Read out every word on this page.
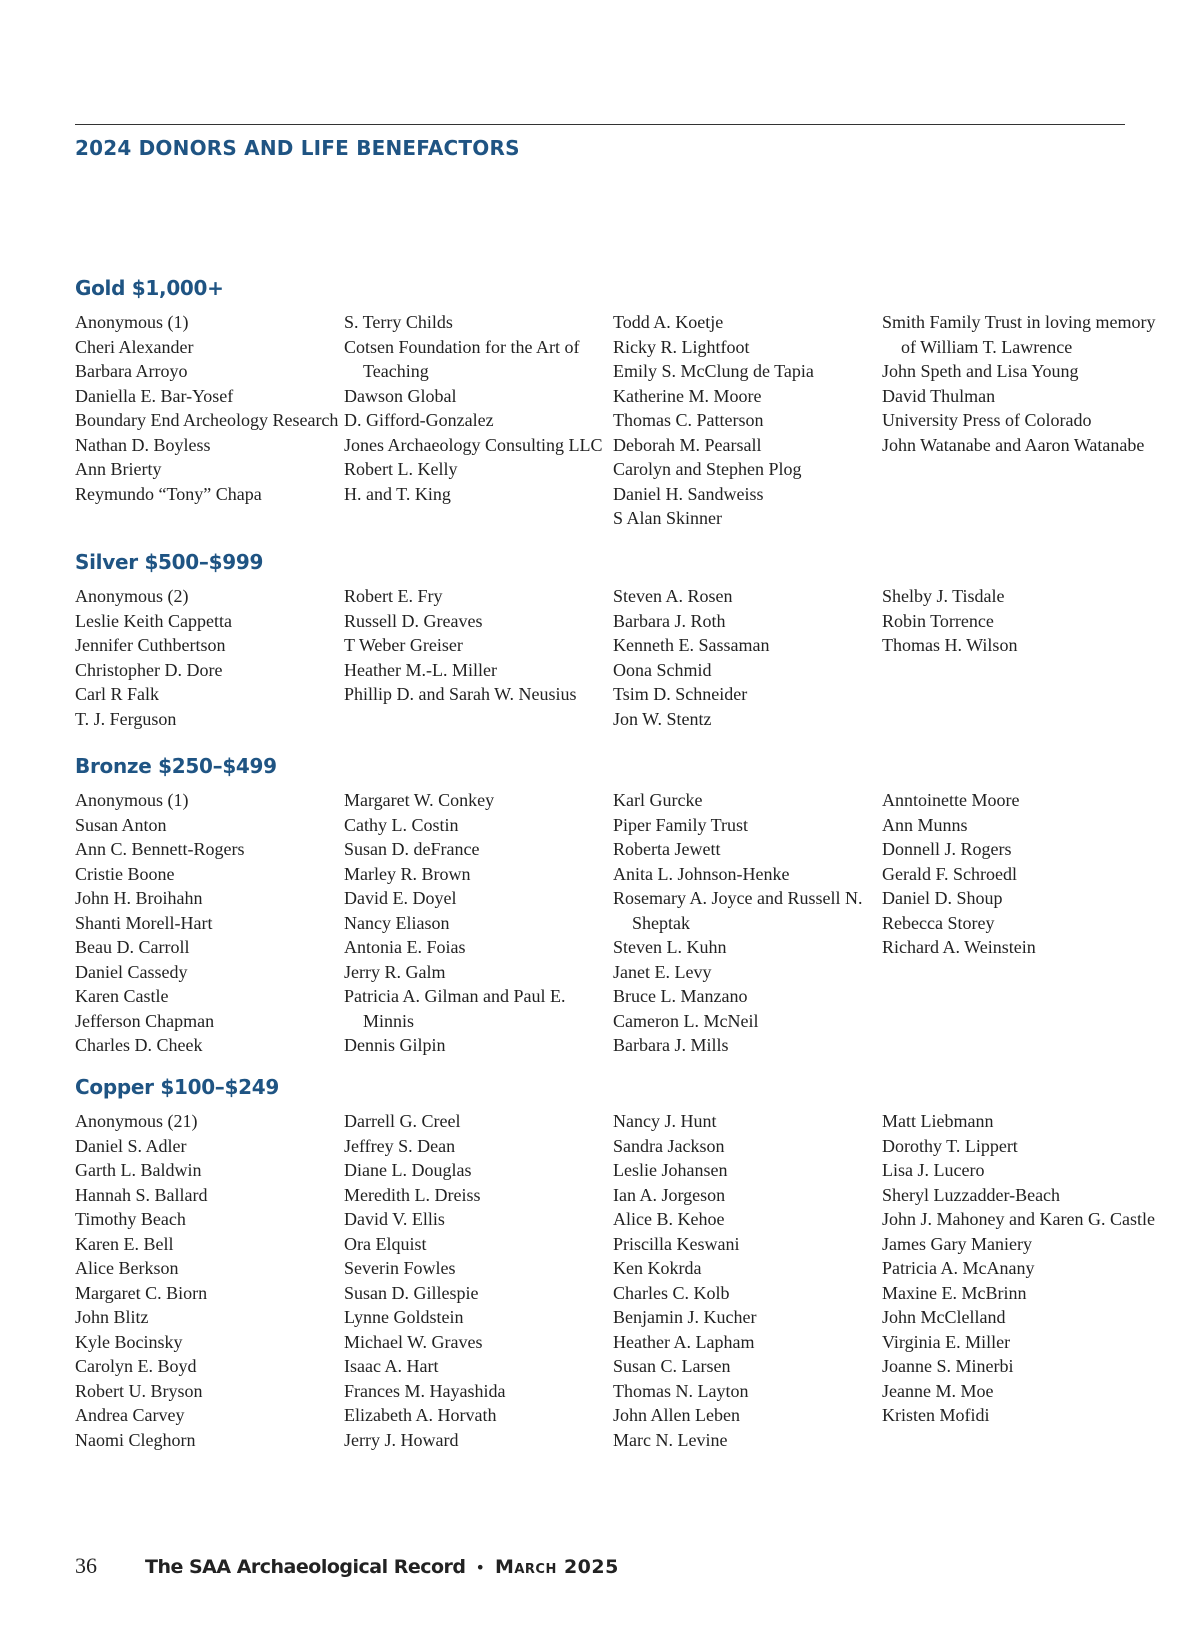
2024 DONORS AND LIFE BENEFACTORS
Gold $1,000+
Anonymous (1)
Cheri Alexander
Barbara Arroyo
Daniella E. Bar-Yosef
Boundary End Archeology Research
Nathan D. Boyless
Ann Brierty
Reymundo “Tony” Chapa
S. Terry Childs
Cotsen Foundation for the Art of Teaching
Dawson Global
D. Gifford-Gonzalez
Jones Archaeology Consulting LLC
Robert L. Kelly
H. and T. King
Todd A. Koetje
Ricky R. Lightfoot
Emily S. McClung de Tapia
Katherine M. Moore
Thomas C. Patterson
Deborah M. Pearsall
Carolyn and Stephen Plog
Daniel H. Sandweiss
S Alan Skinner
Smith Family Trust in loving memory of William T. Lawrence
John Speth and Lisa Young
David Thulman
University Press of Colorado
John Watanabe and Aaron Watanabe
Silver $500–$999
Anonymous (2)
Leslie Keith Cappetta
Jennifer Cuthbertson
Christopher D. Dore
Carl R Falk
T. J. Ferguson
Robert E. Fry
Russell D. Greaves
T Weber Greiser
Heather M.-L. Miller
Phillip D. and Sarah W. Neusius
Steven A. Rosen
Barbara J. Roth
Kenneth E. Sassaman
Oona Schmid
Tsim D. Schneider
Jon W. Stentz
Shelby J. Tisdale
Robin Torrence
Thomas H. Wilson
Bronze $250–$499
Anonymous (1)
Susan Anton
Ann C. Bennett-Rogers
Cristie Boone
John H. Broihahn
Shanti Morell-Hart
Beau D. Carroll
Daniel Cassedy
Karen Castle
Jefferson Chapman
Charles D. Cheek
Margaret W. Conkey
Cathy L. Costin
Susan D. deFrance
Marley R. Brown
David E. Doyel
Nancy Eliason
Antonia E. Foias
Jerry R. Galm
Patricia A. Gilman and Paul E. Minnis
Dennis Gilpin
Karl Gurcke
Piper Family Trust
Roberta Jewett
Anita L. Johnson-Henke
Rosemary A. Joyce and Russell N. Sheptak
Steven L. Kuhn
Janet E. Levy
Bruce L. Manzano
Cameron L. McNeil
Barbara J. Mills
Anntoinette Moore
Ann Munns
Donnell J. Rogers
Gerald F. Schroedl
Daniel D. Shoup
Rebecca Storey
Richard A. Weinstein
Copper $100–$249
Anonymous (21)
Daniel S. Adler
Garth L. Baldwin
Hannah S. Ballard
Timothy Beach
Karen E. Bell
Alice Berkson
Margaret C. Biorn
John Blitz
Kyle Bocinsky
Carolyn E. Boyd
Robert U. Bryson
Andrea Carvey
Naomi Cleghorn
Darrell G. Creel
Jeffrey S. Dean
Diane L. Douglas
Meredith L. Dreiss
David V. Ellis
Ora Elquist
Severin Fowles
Susan D. Gillespie
Lynne Goldstein
Michael W. Graves
Isaac A. Hart
Frances M. Hayashida
Elizabeth A. Horvath
Jerry J. Howard
Nancy J. Hunt
Sandra Jackson
Leslie Johansen
Ian A. Jorgeson
Alice B. Kehoe
Priscilla Keswani
Ken Kokrda
Charles C. Kolb
Benjamin J. Kucher
Heather A. Lapham
Susan C. Larsen
Thomas N. Layton
John Allen Leben
Marc N. Levine
Matt Liebmann
Dorothy T. Lippert
Lisa J. Lucero
Sheryl Luzzadder-Beach
John J. Mahoney and Karen G. Castle
James Gary Maniery
Patricia A. McAnany
Maxine E. McBrinn
John McClelland
Virginia E. Miller
Joanne S. Minerbi
Jeanne M. Moe
Kristen Mofidi
36	The SAA Archaeological Record • March 2025
